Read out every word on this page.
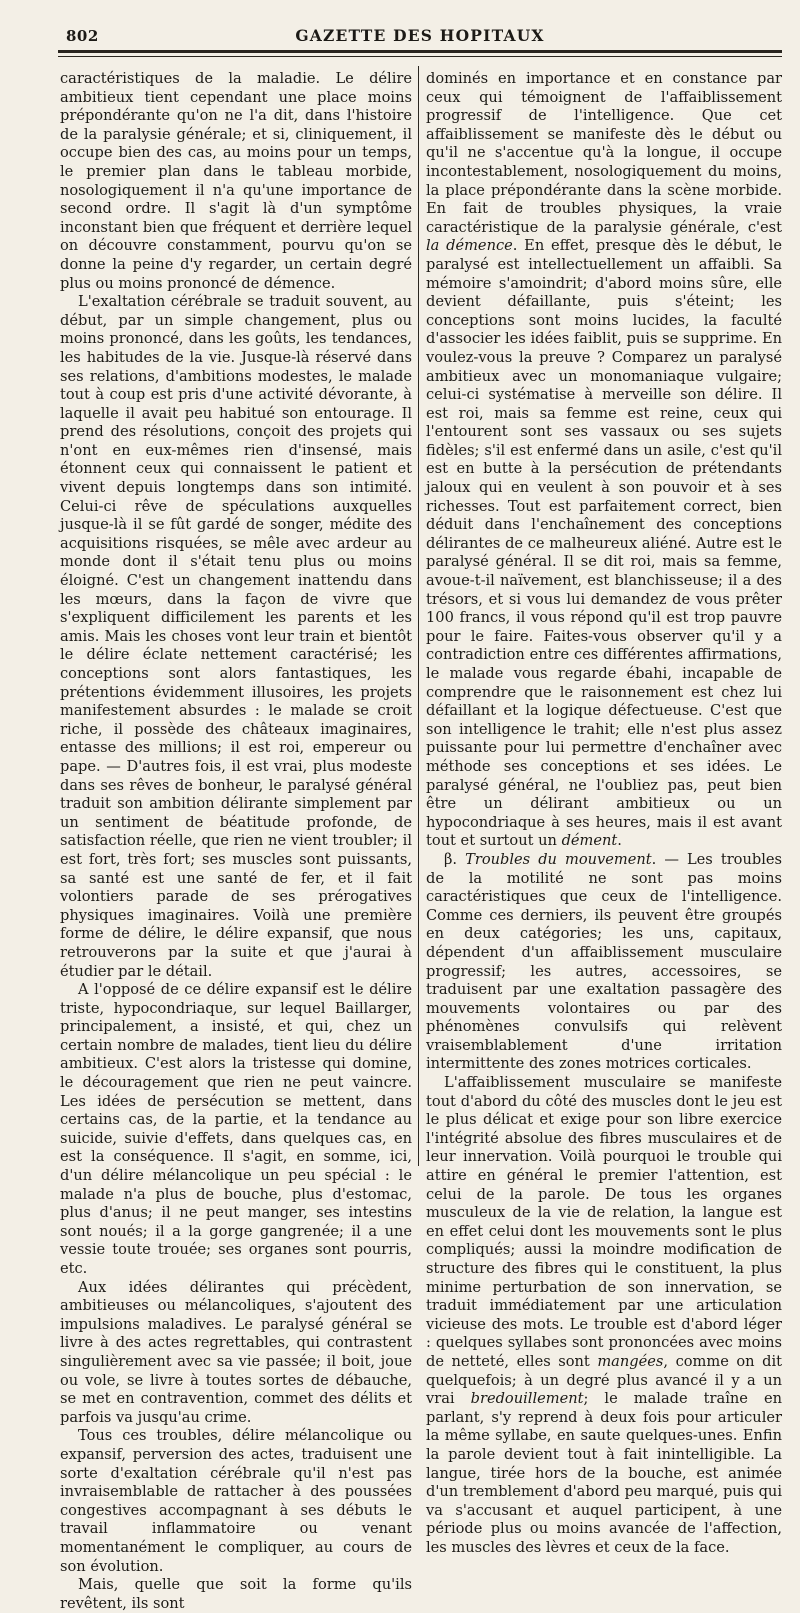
802	GAZETTE DES HOPITAUX

caractéristiques de la maladie. Le délire ambitieux tient cependant une place moins prépondérante qu'on ne l'a dit, dans l'histoire de la paralysie générale; et si, cliniquement, il occupe bien des cas, au moins pour un temps, le premier plan dans le tableau morbide, nosologiquement il n'a qu'une importance de second ordre. Il s'agit là d'un symptôme inconstant bien que fréquent et derrière lequel on découvre constamment, pourvu qu'on se donne la peine d'y regarder, un certain degré plus ou moins prononcé de démence.

L'exaltation cérébrale se traduit souvent, au début, par un simple changement, plus ou moins prononcé, dans les goûts, les tendances, les habitudes de la vie. Jusque-là réservé dans ses relations, d'ambitions modestes, le malade tout à coup est pris d'une activité dévorante, à laquelle il avait peu habitué son entourage. Il prend des résolutions, conçoit des projets qui n'ont en eux-mêmes rien d'insensé, mais étonnent ceux qui connaissent le patient et vivent depuis longtemps dans son intimité. Celui-ci rêve de spéculations auxquelles jusque-là il se fût gardé de songer, médite des acquisitions risquées, se mêle avec ardeur au monde dont il s'était tenu plus ou moins éloigné. C'est un changement inattendu dans les mœurs, dans la façon de vivre que s'expliquent difficilement les parents et les amis. Mais les choses vont leur train et bientôt le délire éclate nettement caractérisé; les conceptions sont alors fantastiques, les prétentions évidemment illusoires, les projets manifestement absurdes : le malade se croit riche, il possède des châteaux imaginaires, entasse des millions; il est roi, empereur ou pape. — D'autres fois, il est vrai, plus modeste dans ses rêves de bonheur, le paralysé général traduit son ambition délirante simplement par un sentiment de béatitude profonde, de satisfaction réelle, que rien ne vient troubler; il est fort, très fort; ses muscles sont puissants, sa santé est une santé de fer, et il fait volontiers parade de ses prérogatives physiques imaginaires. Voilà une première forme de délire, le délire expansif, que nous retrouverons par la suite et que j'aurai à étudier par le détail.

A l'opposé de ce délire expansif est le délire triste, hypocondriaque, sur lequel Baillarger, principalement, a insisté, et qui, chez un certain nombre de malades, tient lieu du délire ambitieux. C'est alors la tristesse qui domine, le découragement que rien ne peut vaincre. Les idées de persécution se mettent, dans certains cas, de la partie, et la tendance au suicide, suivie d'effets, dans quelques cas, en est la conséquence. Il s'agit, en somme, ici, d'un délire mélancolique un peu spécial : le malade n'a plus de bouche, plus d'estomac, plus d'anus; il ne peut manger, ses intestins sont noués; il a la gorge gangrenée; il a une vessie toute trouée; ses organes sont pourris, etc.

Aux idées délirantes qui précèdent, ambitieuses ou mélancoliques, s'ajoutent des impulsions maladives. Le paralysé général se livre à des actes regrettables, qui contrastent singulièrement avec sa vie passée; il boit, joue ou vole, se livre à toutes sortes de débauche, se met en contravention, commet des délits et parfois va jusqu'au crime.

Tous ces troubles, délire mélancolique ou expansif, perversion des actes, traduisent une sorte d'exaltation cérébrale qu'il n'est pas invraisemblable de rattacher à des poussées congestives accompagnant à ses débuts le travail inflammatoire ou venant momentanément le compliquer, au cours de son évolution.

Mais, quelle que soit la forme qu'ils revêtent, ils sont

dominés en importance et en constance par ceux qui témoignent de l'affaiblissement progressif de l'intelligence. Que cet affaiblissement se manifeste dès le début ou qu'il ne s'accentue qu'à la longue, il occupe incontestablement, nosologiquement du moins, la place prépondérante dans la scène morbide. En fait de troubles physiques, la vraie caractéristique de la paralysie générale, c'est la démence. En effet, presque dès le début, le paralysé est intellectuellement un affaibli. Sa mémoire s'amoindrit; d'abord moins sûre, elle devient défaillante, puis s'éteint; les conceptions sont moins lucides, la faculté d'associer les idées faiblit, puis se supprime. En voulez-vous la preuve ? Comparez un paralysé ambitieux avec un monomaniaque vulgaire; celui-ci systématise à merveille son délire. Il est roi, mais sa femme est reine, ceux qui l'entourent sont ses vassaux ou ses sujets fidèles; s'il est enfermé dans un asile, c'est qu'il est en butte à la persécution de prétendants jaloux qui en veulent à son pouvoir et à ses richesses. Tout est parfaitement correct, bien déduit dans l'enchaînement des conceptions délirantes de ce malheureux aliéné. Autre est le paralysé général. Il se dit roi, mais sa femme, avoue-t-il naïvement, est blanchisseuse; il a des trésors, et si vous lui demandez de vous prêter 100 francs, il vous répond qu'il est trop pauvre pour le faire. Faites-vous observer qu'il y a contradiction entre ces différentes affirmations, le malade vous regarde ébahi, incapable de comprendre que le raisonnement est chez lui défaillant et la logique défectueuse. C'est que son intelligence le trahit; elle n'est plus assez puissante pour lui permettre d'enchaîner avec méthode ses conceptions et ses idées. Le paralysé général, ne l'oubliez pas, peut bien être un délirant ambitieux ou un hypocondriaque à ses heures, mais il est avant tout et surtout un dément.

β. Troubles du mouvement. — Les troubles de la motilité ne sont pas moins caractéristiques que ceux de l'intelligence. Comme ces derniers, ils peuvent être groupés en deux catégories; les uns, capitaux, dépendent d'un affaiblissement musculaire progressif; les autres, accessoires, se traduisent par une exaltation passagère des mouvements volontaires ou par des phénomènes convulsifs qui relèvent vraisemblablement d'une irritation intermittente des zones motrices corticales.

L'affaiblissement musculaire se manifeste tout d'abord du côté des muscles dont le jeu est le plus délicat et exige pour son libre exercice l'intégrité absolue des fibres musculaires et de leur innervation. Voilà pourquoi le trouble qui attire en général le premier l'attention, est celui de la parole. De tous les organes musculeux de la vie de relation, la langue est en effet celui dont les mouvements sont le plus compliqués; aussi la moindre modification de structure des fibres qui le constituent, la plus minime perturbation de son innervation, se traduit immédiatement par une articulation vicieuse des mots. Le trouble est d'abord léger : quelques syllabes sont prononcées avec moins de netteté, elles sont mangées, comme on dit quelquefois; à un degré plus avancé il y a un vrai bredouillement; le malade traîne en parlant, s'y reprend à deux fois pour articuler la même syllabe, en saute quelques-unes. Enfin la parole devient tout à fait inintelligible. La langue, tirée hors de la bouche, est animée d'un tremblement d'abord peu marqué, puis qui va s'accusant et auquel participent, à une période plus ou moins avancée de l'affection, les muscles des lèvres et ceux de la face.
